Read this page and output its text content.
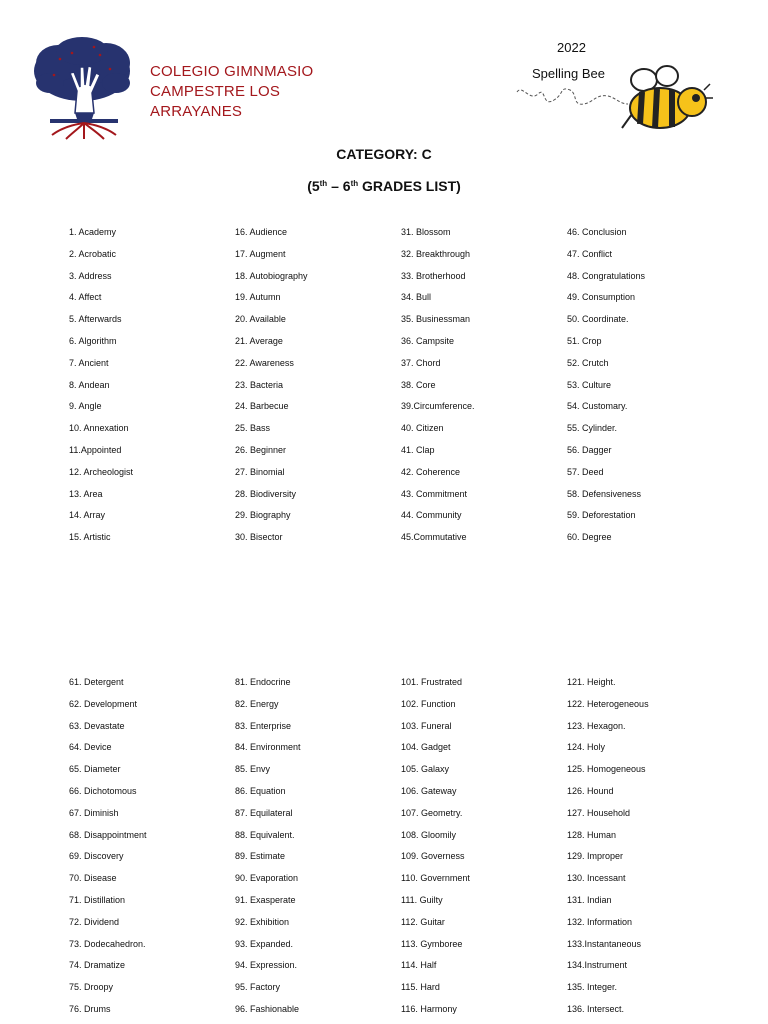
COLEGIO GIMNMASIO
CAMPESTRE LOS
ARRAYANES
2022
Spelling Bee
CATEGORY: C
(5th – 6th GRADES LIST)
1. Academy
2. Acrobatic
3. Address
4. Affect
5. Afterwards
6. Algorithm
7. Ancient
8. Andean
9. Angle
10. Annexation
11.Appointed
12. Archeologist
13. Area
14. Array
15. Artistic
16. Audience
17. Augment
18. Autobiography
19. Autumn
20. Available
21. Average
22. Awareness
23. Bacteria
24. Barbecue
25. Bass
26. Beginner
27. Binomial
28. Biodiversity
29. Biography
30. Bisector
31. Blossom
32. Breakthrough
33. Brotherhood
34. Bull
35. Businessman
36. Campsite
37. Chord
38. Core
39.Circumference.
40. Citizen
41. Clap
42. Coherence
43. Commitment
44. Community
45.Commutative
46. Conclusion
47. Conflict
48. Congratulations
49. Consumption
50. Coordinate.
51. Crop
52. Crutch
53. Culture
54. Customary.
55. Cylinder.
56. Dagger
57. Deed
58. Defensiveness
59. Deforestation
60. Degree
61. Detergent
62. Development
63. Devastate
64. Device
65. Diameter
66. Dichotomous
67. Diminish
68. Disappointment
69. Discovery
70. Disease
71. Distillation
72. Dividend
73. Dodecahedron.
74. Dramatize
75. Droopy
76. Drums
81. Endocrine
82. Energy
83. Enterprise
84. Environment
85. Envy
86. Equation
87. Equilateral
88. Equivalent.
89. Estimate
90. Evaporation
91. Exasperate
92. Exhibition
93. Expanded.
94. Expression.
95. Factory
96. Fashionable
101. Frustrated
102. Function
103. Funeral
104. Gadget
105. Galaxy
106. Gateway
107. Geometry.
108. Gloomily
109. Governess
110. Government
111. Guilty
112. Guitar
113. Gymboree
114. Half
115. Hard
116. Harmony
121. Height.
122. Heterogeneous
123. Hexagon.
124. Holy
125. Homogeneous
126. Hound
127. Household
128. Human
129. Improper
130. Incessant
131. Indian
132. Information
133.Instantaneous
134.Instrument
135. Integer.
136. Intersect.
